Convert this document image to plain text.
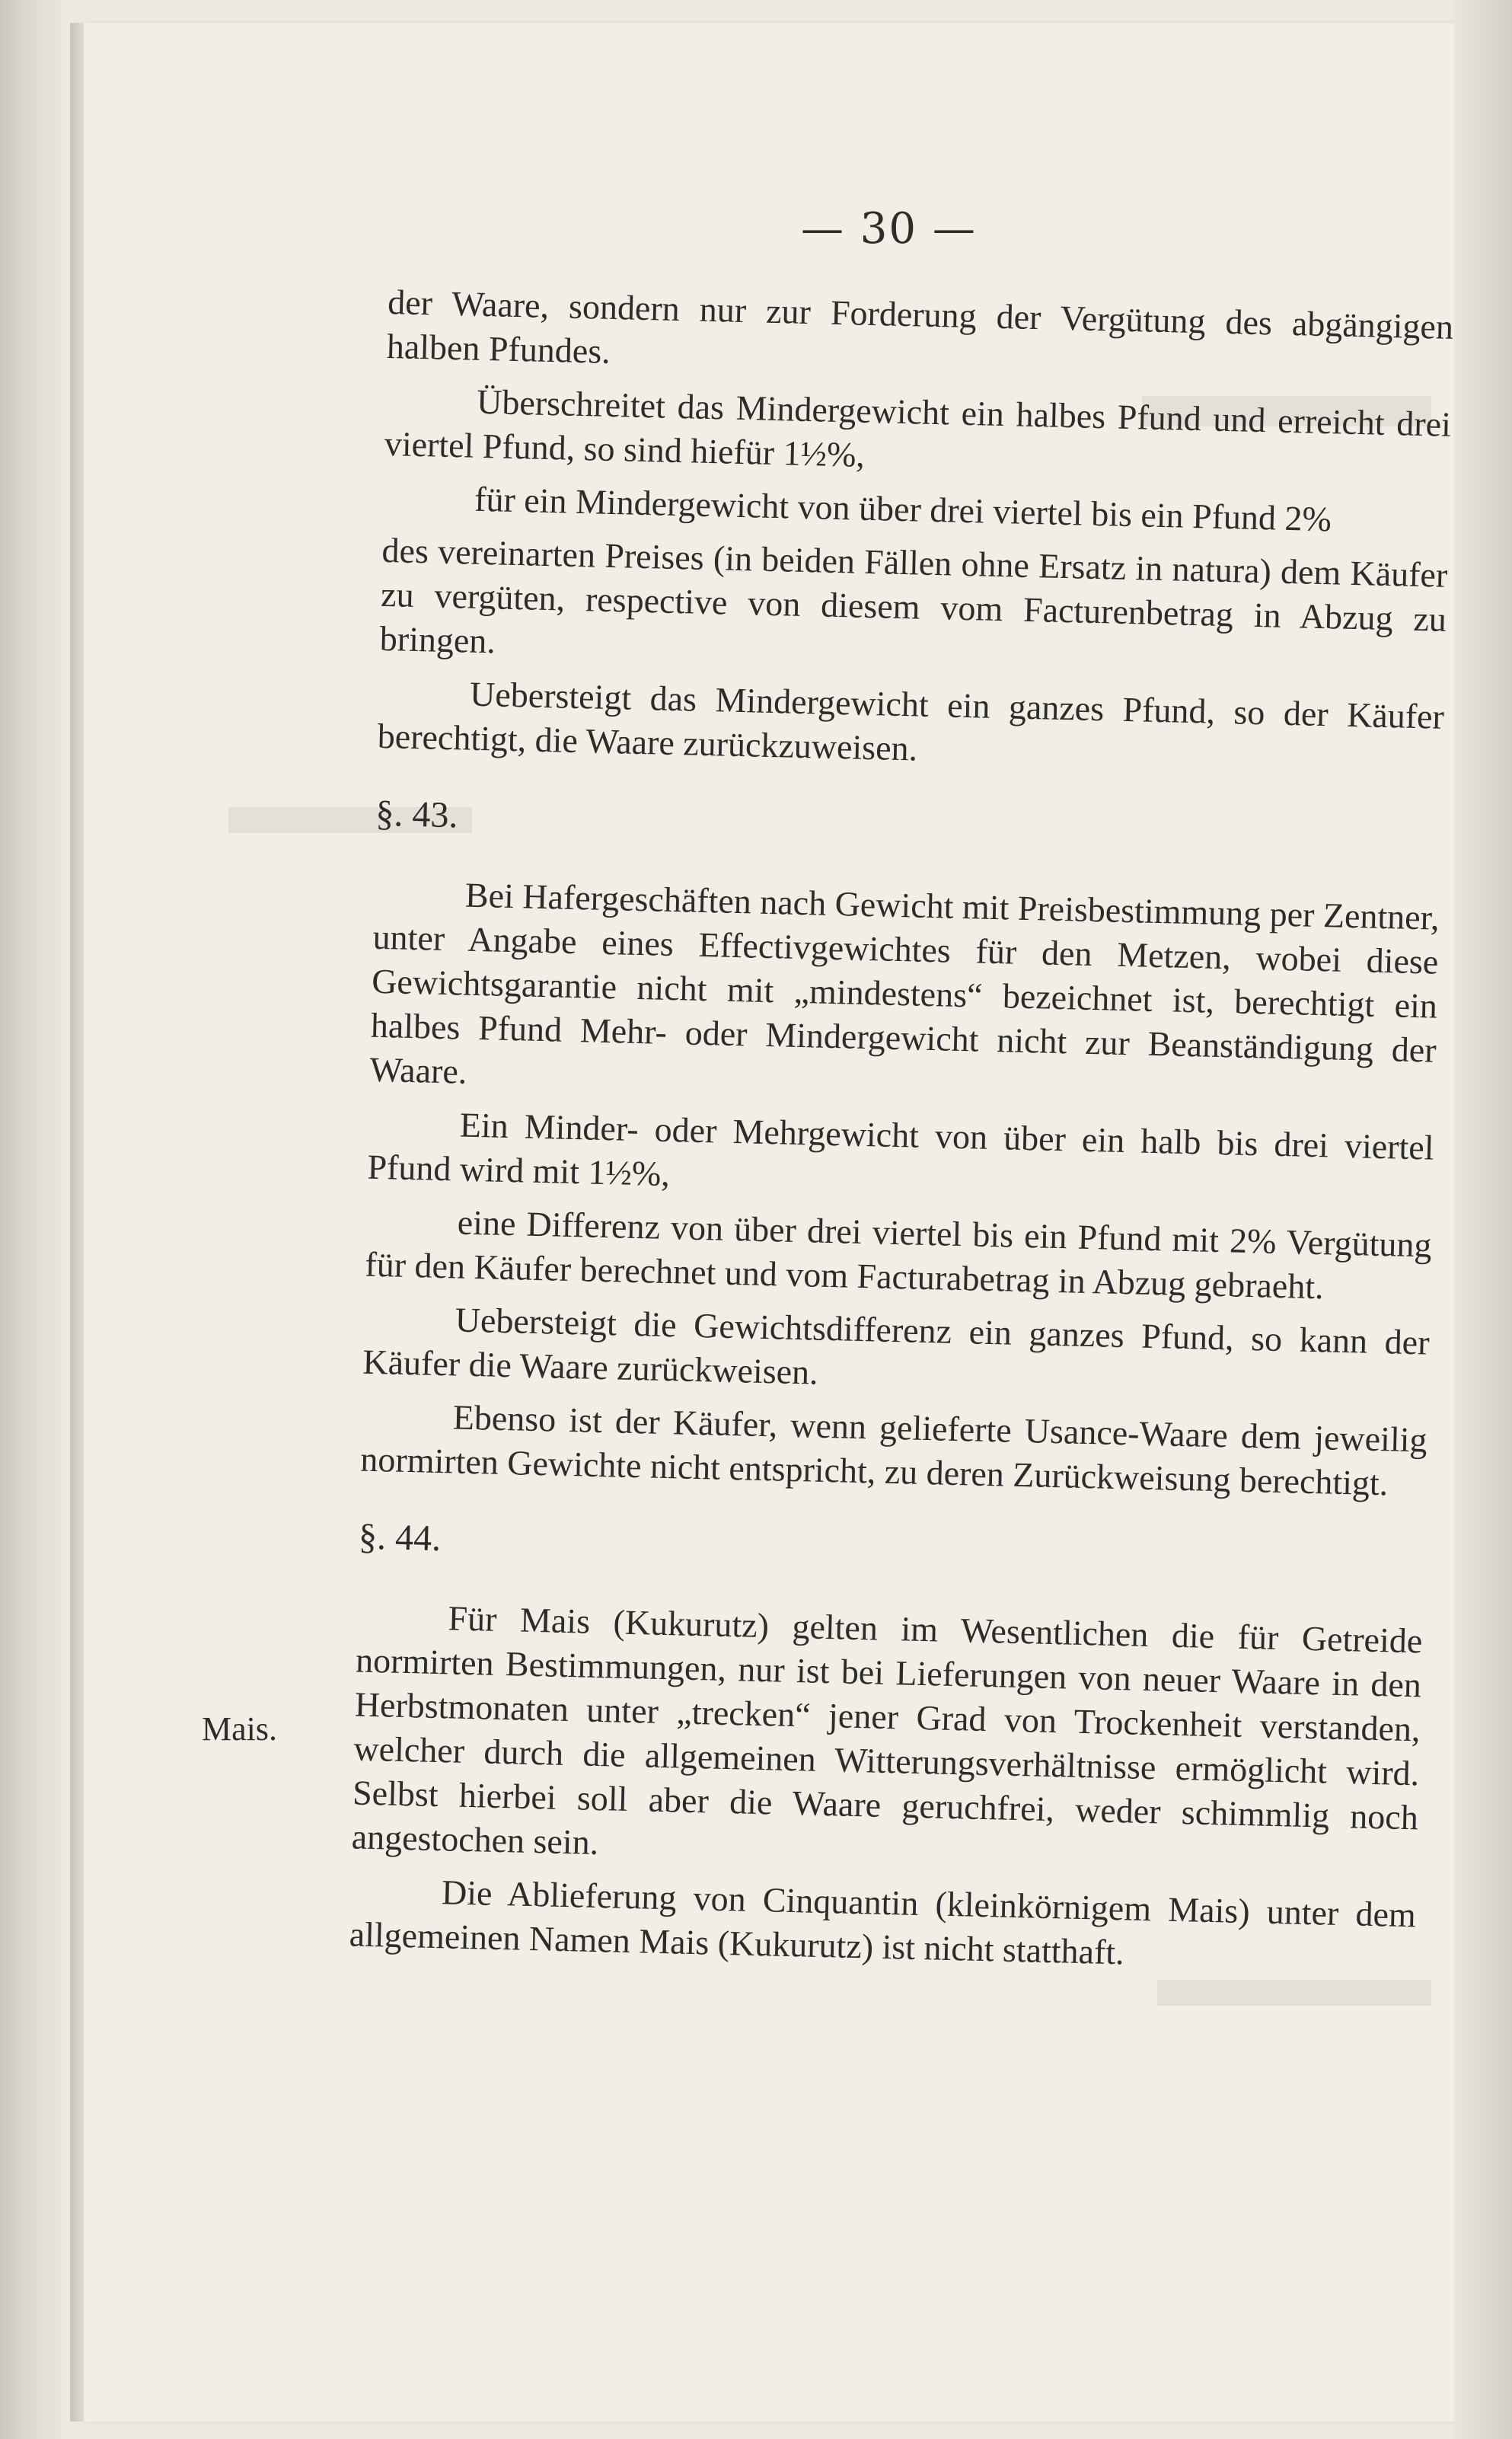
— 30 —
Mais.

der Waare, sondern nur zur Forderung der Vergütung des abgängigen halben Pfundes.

Überschreitet das Mindergewicht ein halbes Pfund und erreicht drei viertel Pfund, so sind hiefür 1½%,

für ein Mindergewicht von über drei viertel bis ein Pfund 2%

des vereinarten Preises (in beiden Fällen ohne Ersatz in natura) dem Käufer zu vergüten, respective von diesem vom Facturenbetrag in Abzug zu bringen.

Uebersteigt das Mindergewicht ein ganzes Pfund, so der Käufer berechtigt, die Waare zurückzuweisen.

§. 43.

Bei Hafergeschäften nach Gewicht mit Preisbestimmung per Zentner, unter Angabe eines Effectivgewichtes für den Metzen, wobei diese Gewichtsgarantie nicht mit „mindestens“ bezeichnet ist, berechtigt ein halbes Pfund Mehr- oder Mindergewicht nicht zur Beanständigung der Waare.

Ein Minder- oder Mehrgewicht von über ein halb bis drei viertel Pfund wird mit 1½%,

eine Differenz von über drei viertel bis ein Pfund mit 2% Vergütung für den Käufer berechnet und vom Facturabetrag in Abzug gebraeht.

Uebersteigt die Gewichtsdifferenz ein ganzes Pfund, so kann der Käufer die Waare zurückweisen.

Ebenso ist der Käufer, wenn gelieferte Usance-Waare dem jeweilig normirten Gewichte nicht entspricht, zu deren Zurückweisung berechtigt.

§. 44.

Für Mais (Kukurutz) gelten im Wesentlichen die für Getreide normirten Bestimmungen, nur ist bei Lieferungen von neuer Waare in den Herbstmonaten unter „trecken“ jener Grad von Trockenheit verstanden, welcher durch die allgemeinen Witterungsverhältnisse ermöglicht wird. Selbst hierbei soll aber die Waare geruchfrei, weder schimmlig noch angestochen sein.

Die Ablieferung von Cinquantin (kleinkörnigem Mais) unter dem allgemeinen Namen Mais (Kukurutz) ist nicht statthaft.
